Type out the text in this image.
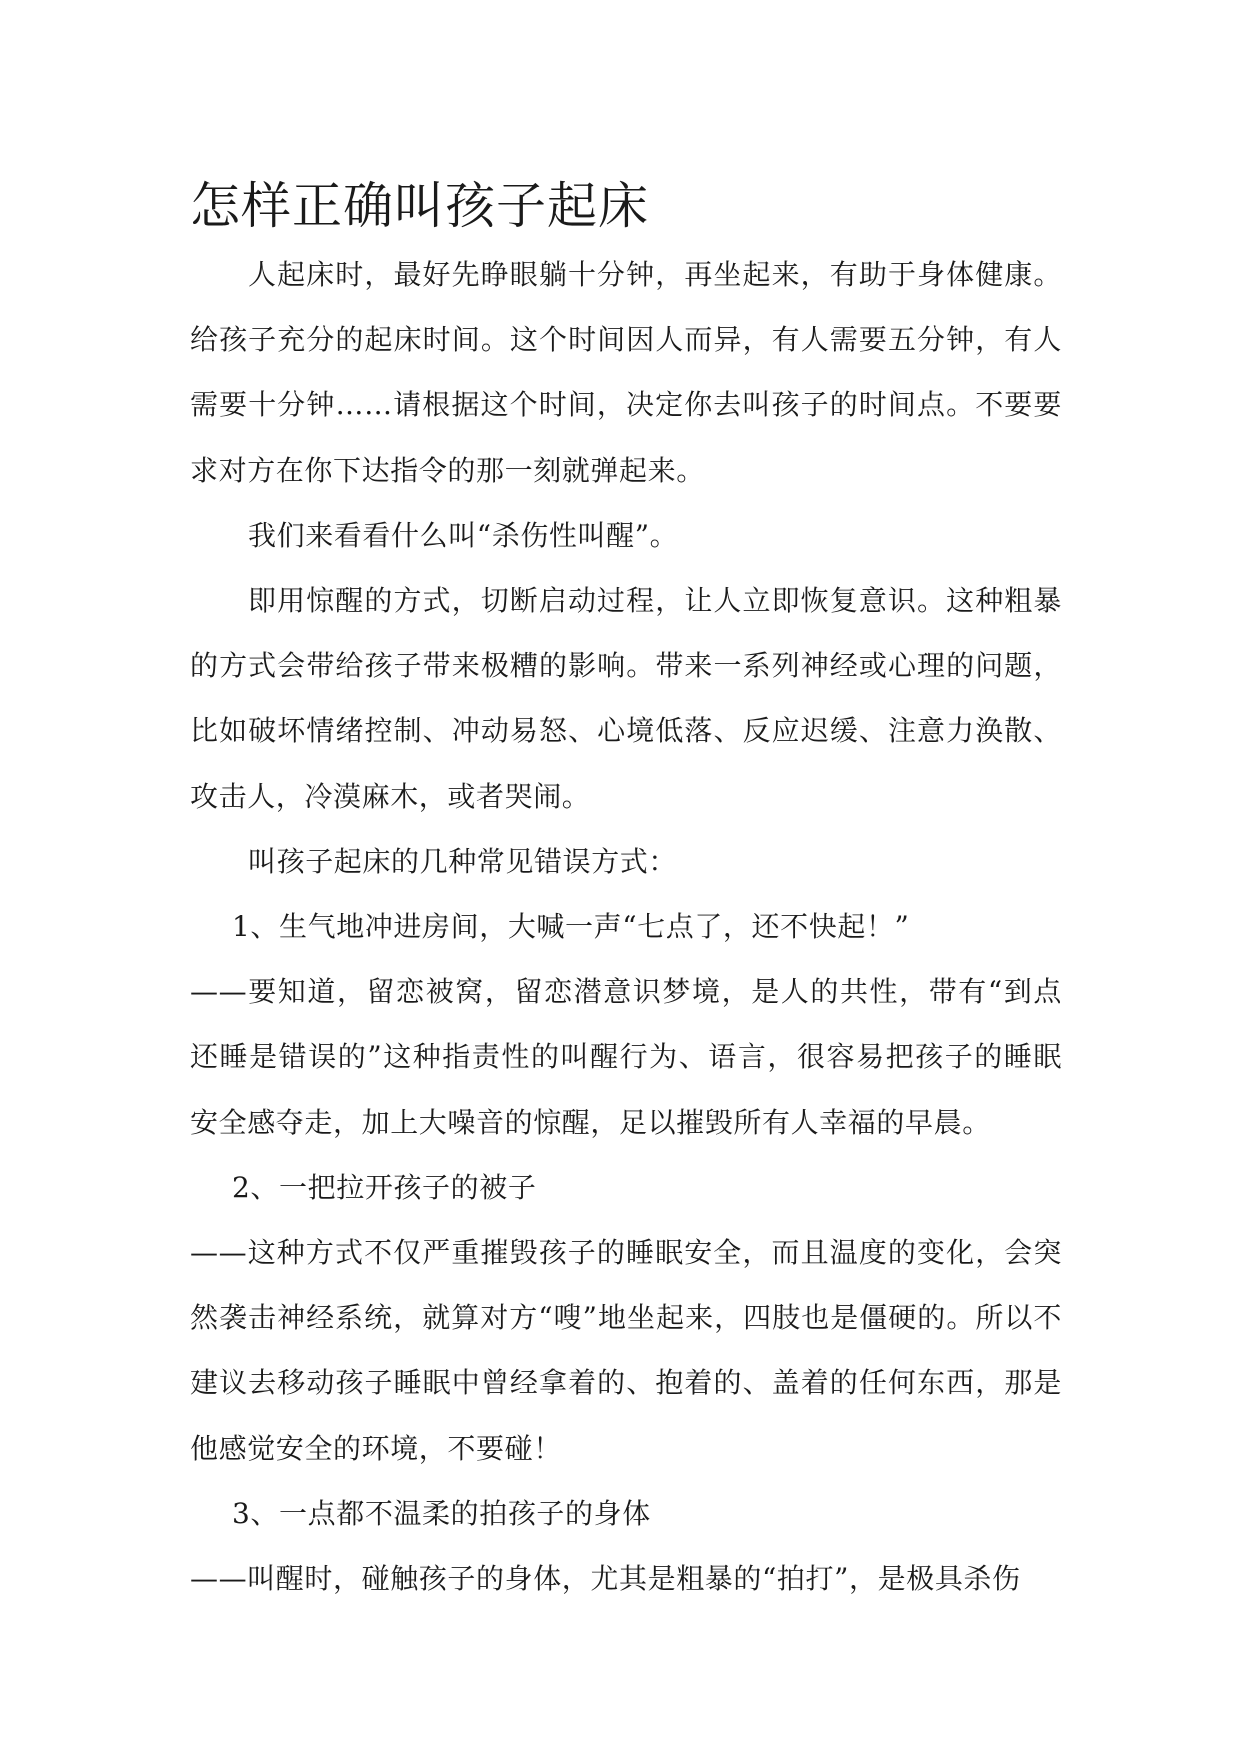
怎样正确叫孩子起床

人起床时，最好先睁眼躺十分钟，再坐起来，有助于身体健康。给孩子充分的起床时间。这个时间因人而异，有人需要五分钟，有人需要十分钟……请根据这个时间，决定你去叫孩子的时间点。不要要求对方在你下达指令的那一刻就弹起来。

我们来看看什么叫“杀伤性叫醒”。

即用惊醒的方式，切断启动过程，让人立即恢复意识。这种粗暴的方式会带给孩子带来极糟的影响。带来一系列神经或心理的问题，比如破坏情绪控制、冲动易怒、心境低落、反应迟缓、注意力涣散、攻击人，冷漠麻木，或者哭闹。

叫孩子起床的几种常见错误方式：

1、生气地冲进房间，大喊一声“七点了，还不快起！”

——要知道，留恋被窝，留恋潜意识梦境，是人的共性，带有“到点还睡是错误的”这种指责性的叫醒行为、语言，很容易把孩子的睡眠安全感夺走，加上大噪音的惊醒，足以摧毁所有人幸福的早晨。

2、一把拉开孩子的被子

——这种方式不仅严重摧毁孩子的睡眠安全，而且温度的变化，会突然袭击神经系统，就算对方“嗖”地坐起来，四肢也是僵硬的。所以不建议去移动孩子睡眠中曾经拿着的、抱着的、盖着的任何东西，那是他感觉安全的环境，不要碰！

3、一点都不温柔的拍孩子的身体

——叫醒时，碰触孩子的身体，尤其是粗暴的“拍打”，是极具杀伤
